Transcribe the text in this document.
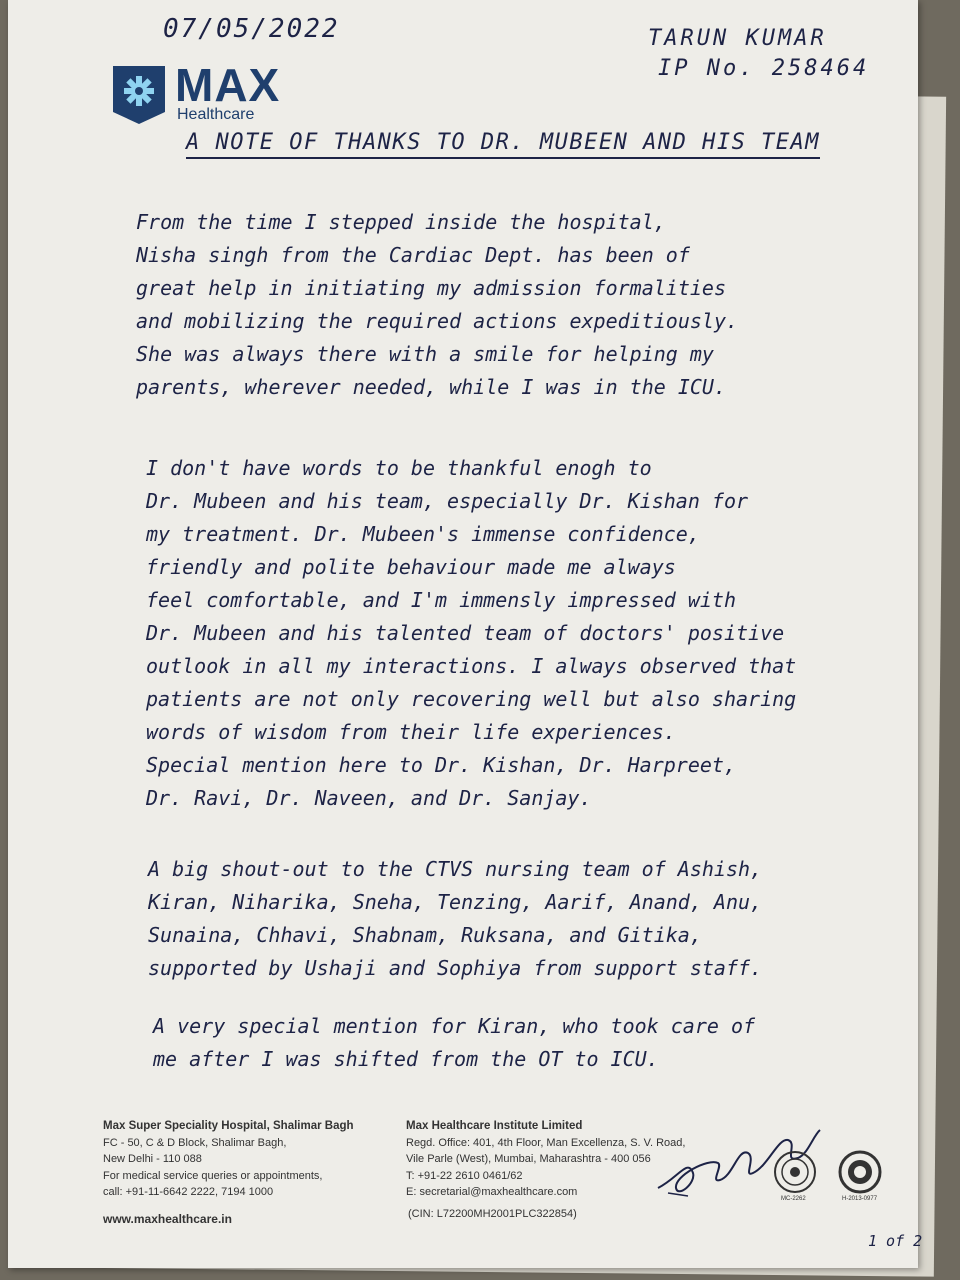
07/05/2022	TARUN KUMAR
IP No. 258464
MAX
Healthcare
A NOTE OF THANKS TO DR. MUBEEN AND HIS TEAM
From the time I stepped inside the hospital,
Nisha singh from the Cardiac Dept. has been of
great help in initiating my admission formalities
and mobilizing the required actions expeditiously.
She was always there with a smile for helping my
parents, wherever needed, while I was in the ICU.
I don't have words to be thankful enogh to
Dr. Mubeen and his team, especially Dr. Kishan for
my treatment. Dr. Mubeen's immense confidence,
friendly and polite behaviour made me always
feel comfortable, and I'm immensly impressed with
Dr. Mubeen and his talented team of doctors' positive
outlook in all my interactions. I always observed that
patients are not only recovering well but also sharing
words of wisdom from their life experiences.
Special mention here to Dr. Kishan, Dr. Harpreet,
Dr. Ravi, Dr. Naveen, and Dr. Sanjay.
A big shout-out to the CTVS nursing team of Ashish,
Kiran, Niharika, Sneha, Tenzing, Aarif, Anand, Anu,
Sunaina, Chhavi, Shabnam, Ruksana, and Gitika,
supported by Ushaji and Sophiya from support staff.
A very special mention for Kiran, who took care of
me after I was shifted from the OT to ICU.
Max Super Speciality Hospital, Shalimar Bagh
FC - 50, C & D Block, Shalimar Bagh,
New Delhi - 110 088
For medical service queries or appointments,
call: +91-11-6642 2222, 7194 1000
www.maxhealthcare.in
Max Healthcare Institute Limited
Regd. Office: 401, 4th Floor, Man Excellenza, S. V. Road,
Vile Parle (West), Mumbai, Maharashtra - 400 056
T: +91-22 2610 0461/62
E: secretarial@maxhealthcare.com
(CIN: L72200MH2001PLC322854)
MC-2262	H-2013-0977
1 of 2
